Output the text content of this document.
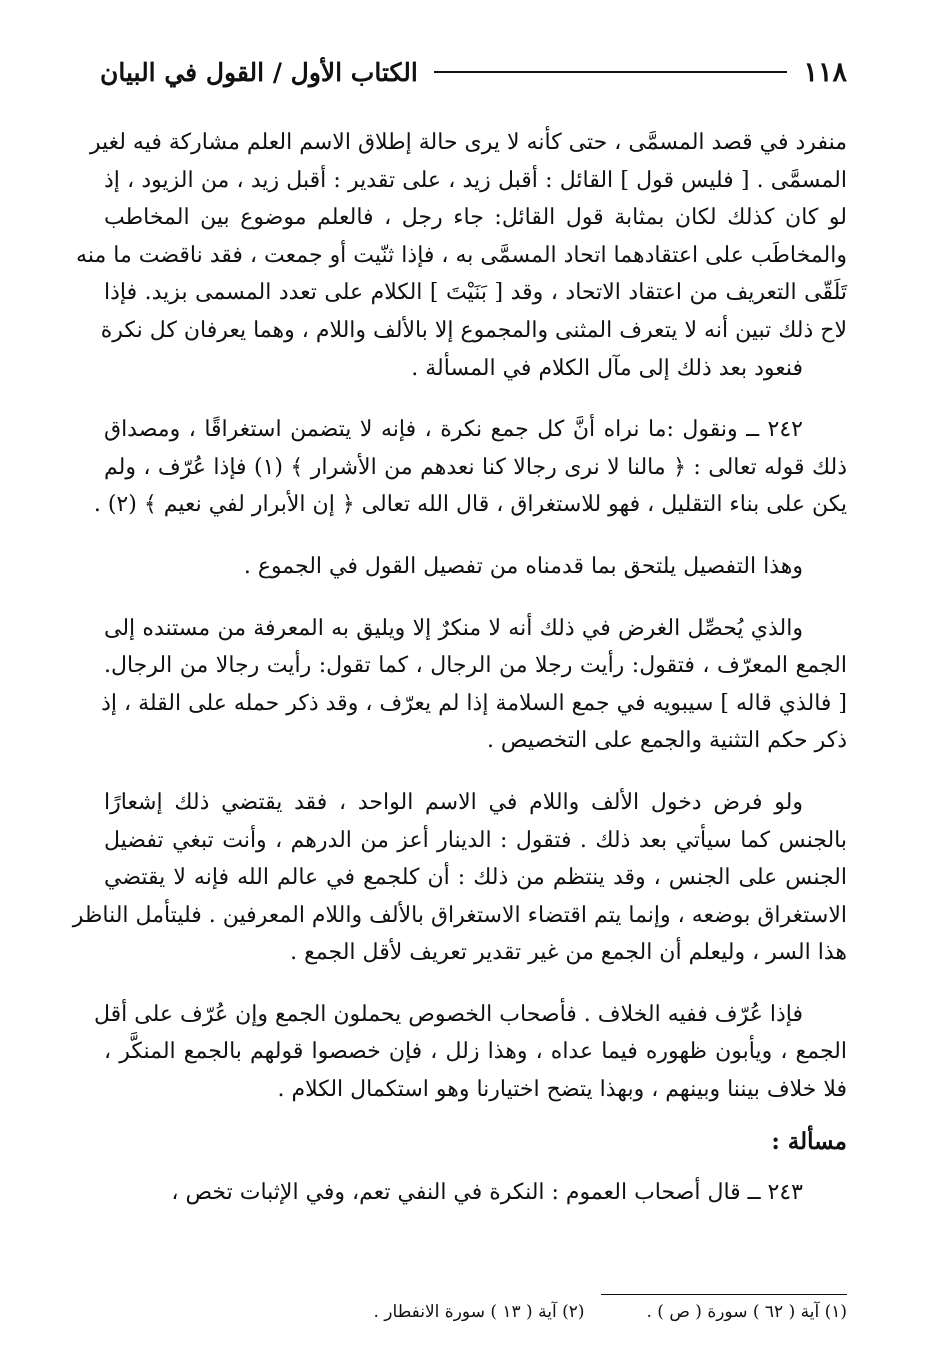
١١٨
الكتاب الأول / القول في البيان

منفرد في قصد المسمَّى ، حتى كأنه لا يرى حالة إطلاق الاسم العلم مشاركة فيه لغير
المسمَّى . [ فليس قول ] القائل : أقبل زيد ، على تقدير : أقبل زيد ، من الزيود ، إذ
لو كان كذلك لكان بمثابة قول القائل: جاء رجل ، فالعلم موضوع بين المخاطب
والمخاطَب على اعتقادهما اتحاد المسمَّى به ، فإذا ثنّيت أو جمعت ، فقد ناقضت ما منه
تَلَقّى التعريف من اعتقاد الاتحاد ، وقد [ بَنَيْتَ ] الكلام على تعدد المسمى بزيد. فإذا
لاح ذلك تبين أنه لا يتعرف المثنى والمجموع إلا بالألف واللام ، وهما يعرفان كل نكرة
فنعود بعد ذلك إلى مآل الكلام في المسألة .

٢٤٢ ــ ونقول :ما نراه أنَّ كل جمع نكرة ، فإنه لا يتضمن استغراقًا ، ومصداق
ذلك قوله تعالى : ﴿ مالنا لا نرى رجالا كنا نعدهم من الأشرار ﴾ (١) فإذا عُرّف ، ولم
يكن على بناء التقليل ، فهو للاستغراق ، قال الله تعالى ﴿ إن الأبرار لفي نعيم ﴾ (٢) .

وهذا التفصيل يلتحق بما قدمناه من تفصيل القول في الجموع .

والذي يُحصِّل الغرض في ذلك أنه لا منكرٌ إلا ويليق به المعرفة من مستنده إلى
الجمع المعرّف ، فتقول: رأيت رجلا من الرجال ، كما تقول: رأيت رجالا من الرجال.
[ فالذي قاله ] سيبويه في جمع السلامة إذا لم يعرّف ، وقد ذكر حمله على القلة ، إذ
ذكر حكم التثنية والجمع على التخصيص .

ولو فرض دخول الألف واللام في الاسم الواحد ، فقد يقتضي ذلك إشعارًا
بالجنس كما سيأتي بعد ذلك . فتقول : الدينار أعز من الدرهم ، وأنت تبغي تفضيل
الجنس على الجنس ، وقد ينتظم من ذلك : أن كلجمع في عالم الله فإنه لا يقتضي
الاستغراق بوضعه ، وإنما يتم اقتضاء الاستغراق بالألف واللام المعرفين . فليتأمل الناظر
هذا السر ، وليعلم أن الجمع من غير تقدير تعريف لأقل الجمع .

فإذا عُرّف ففيه الخلاف . فأصحاب الخصوص يحملون الجمع وإن عُرّف على أقل
الجمع ، ويأبون ظهوره فيما عداه ، وهذا زلل ، فإن خصصوا قولهم بالجمع المنكَّر ،
فلا خلاف بيننا وبينهم ، وبهذا يتضح اختيارنا وهو استكمال الكلام .

مسألة :
٢٤٣ ــ قال أصحاب العموم : النكرة في النفي تعم، وفي الإثبات تخص ،
(١) آية ( ٦٢ ) سورة ( ص ) .
(٢) آية ( ١٣ ) سورة الانفطار .
